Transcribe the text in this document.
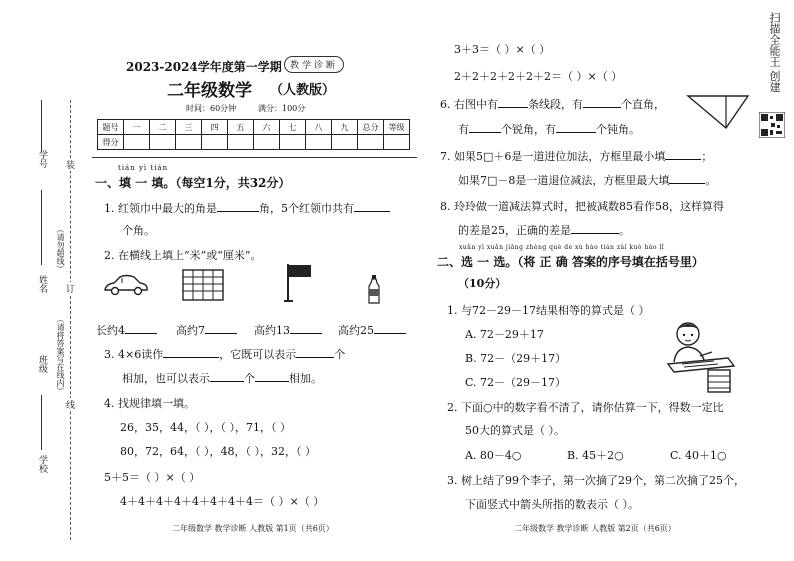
学号
姓名
班级
学校
（请勿超线）
（请将答案写在线内）
装
订
线
2023-2024学年度第一学期 教学诊断
二年级数学 （人教版）
时间：60分钟	满分：100分
题号	一	二	三	四	五	六	七	八	九	总分	等级
得分											
tián yì tián
一、填 一 填。（每空1分，共32分）
1. 红领巾中最大的角是	角，5个红领巾共有
个角。
2. 在横线上填上“米”或“厘米”。
长约4	高约7	高约13	高约25
3. 4×6读作	，它既可以表示	个
相加，也可以表示	个	相加。
4. 找规律填一填。
26，35，44，（ ），（ ），71，（ ）
80，72，64，（ ），48，（ ），32，（ ）
5＋5＝（ ）×（ ）
4＋4＋4＋4＋4＋4＋4＋4＝（ ）×（ ）
二年级数学 教学诊断 人教版 第1页（共6页）
3＋3＝（ ）×（ ）
2＋2＋2＋2＋2＋2＝（ ）×（ ）
6. 右图中有	条线段，有	个直角，
有	个锐角，有	个钝角。
7. 如果5□＋6是一道进位加法，方框里最小填	；
如果7□－8是一道退位减法，方框里最大填	。
8. 玲玲做一道减法算式时，把被减数85看作58，这样算得
的差是25，正确的差是	。
xuǎn yì xuǎn jiāng zhèng què de xù hào tián zài kuò hào lǐ
二、选 一 选。（将 正 确 答案的序号填在括号里）
（10分）
1. 与72－29－17结果相等的算式是（ ）
A. 72－29＋17
B. 72－（29＋17）
C. 72－（29－17）
2. 下面○中的数字看不清了，请你估算一下，得数一定比
50大的算式是（ ）。
A. 80－4○	B. 45＋2○	C. 40＋1○
3. 树上结了99个李子，第一次摘了29个，第二次摘了25个，
下面竖式中箭头所指的数表示（ ）。
二年级数学 教学诊断 人教版 第2页（共6页）
扫描全能王 创建
